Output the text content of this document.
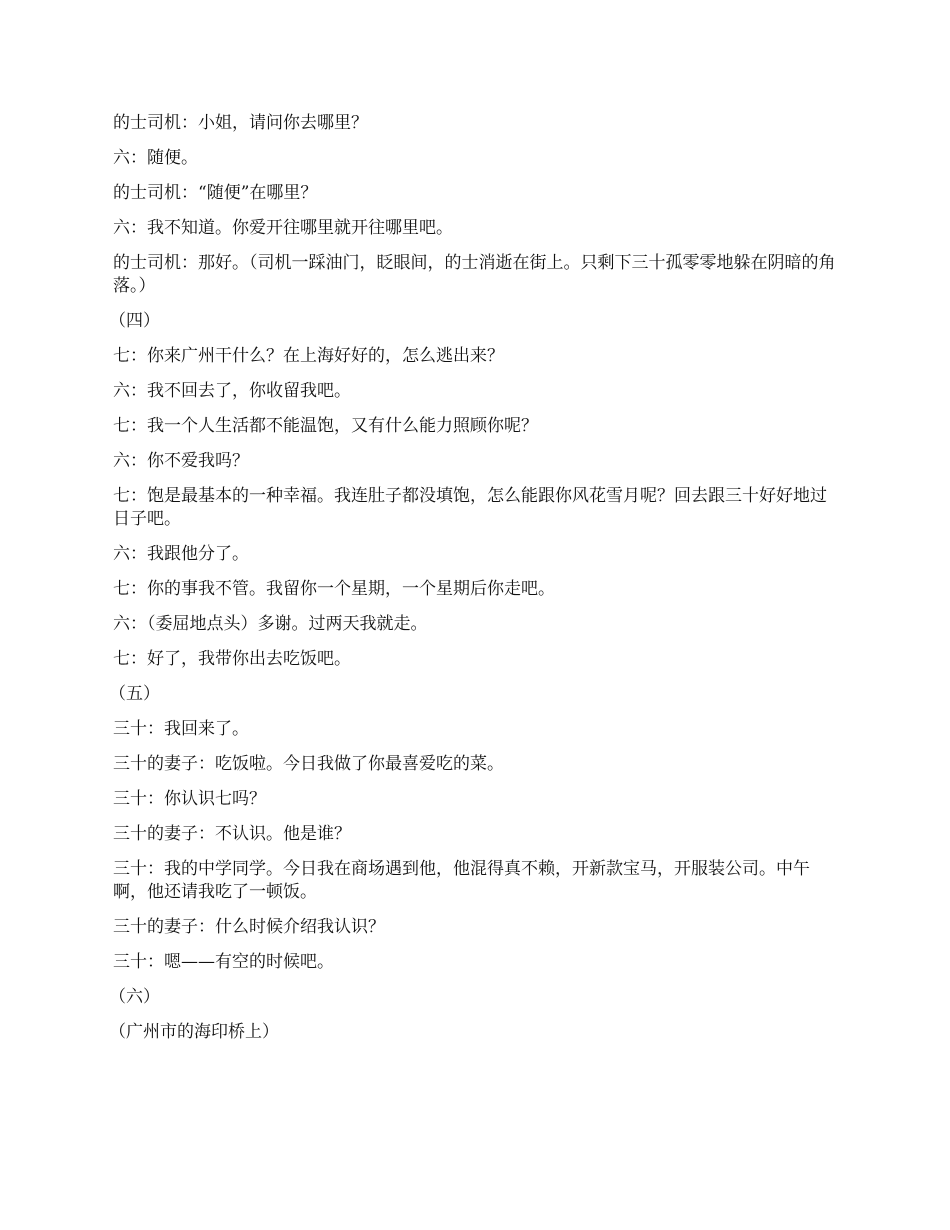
的士司机：小姐，请问你去哪里？

六：随便。

的士司机：“随便”在哪里？

六：我不知道。你爱开往哪里就开往哪里吧。

的士司机：那好。（司机一踩油门，眨眼间，的士消逝在街上。只剩下三十孤零零地躲在阴暗的角落。）

（四）

七：你来广州干什么？在上海好好的，怎么逃出来？

六：我不回去了，你收留我吧。

七：我一个人生活都不能温饱，又有什么能力照顾你呢？

六：你不爱我吗？

七：饱是最基本的一种幸福。我连肚子都没填饱，怎么能跟你风花雪月呢？回去跟三十好好地过日子吧。

六：我跟他分了。

七：你的事我不管。我留你一个星期，一个星期后你走吧。

六：（委屈地点头）多谢。过两天我就走。

七：好了，我带你出去吃饭吧。

（五）

三十：我回来了。

三十的妻子：吃饭啦。今日我做了你最喜爱吃的菜。

三十：你认识七吗？

三十的妻子：不认识。他是谁？

三十：我的中学同学。今日我在商场遇到他，他混得真不赖，开新款宝马，开服装公司。中午啊，他还请我吃了一顿饭。

三十的妻子：什么时候介绍我认识？

三十：嗯——有空的时候吧。

（六）

（广州市的海印桥上）
